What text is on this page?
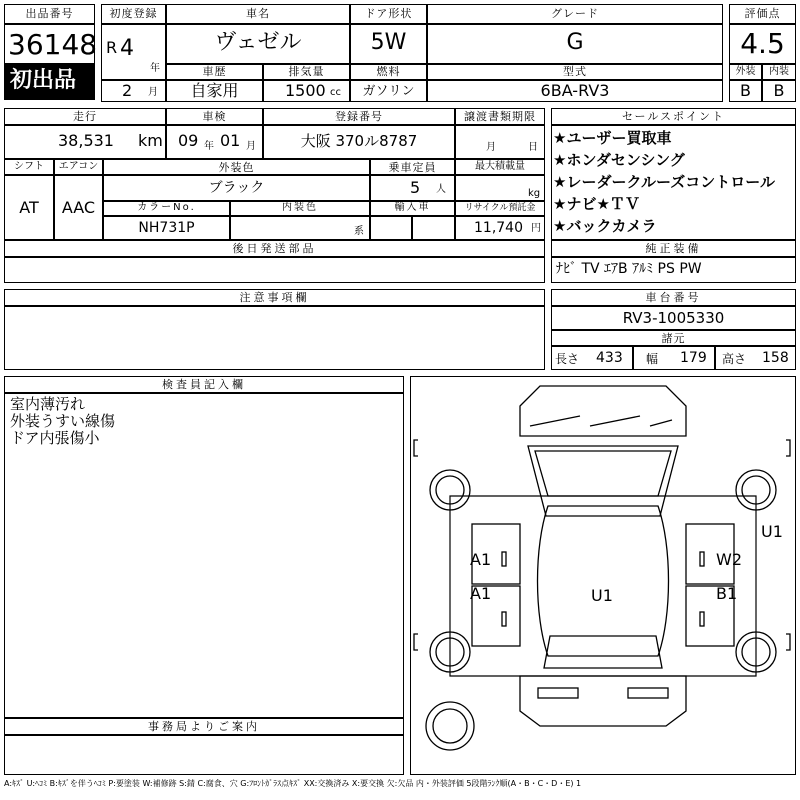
出品番号
36148
初出品
初度登録
R 4
年
2 月
車名
ヴェゼル
ドア形状
5W
グレード
G
車歴
自家用
排気量
1500 cc
燃料
ガソリン
型式
6BA-RV3
評価点
4.5
外装	内装
B	B
走行
38,531 km
車検
09 年 01 月
登録番号
大阪 370ル8787
譲渡書類期限
月	日
シフト
AT
エアコン
AAC
外装色
ブラック
乗車定員
5 人
最大積載量
kg
カラーNo.
NH731P
内装色
系
輸入車	リサイクル預託金
11,740 円
後日発送部品
セールスポイント
★ユーザー買取車
★ホンダセンシング
★レーダークルーズコントロール
★ナビ★ＴＶ
★バックカメラ
純正装備
ﾅﾋﾞ TV ｴｱB ｱﾙﾐ PS PW
注意事項欄	車台番号
RV3-1005330
諸元
長さ 433 幅 179 高さ 158
検査員記入欄
室内薄汚れ
外装うすい線傷
ドア内張傷小
事務局よりご案内
A1
A1	U1
W2
B1
U1
A:ｷｽﾞ U:ﾍｺﾐ B:ｷｽﾞを伴うﾍｺﾐ P:要塗装 W:補修跡 S:錆 C:腐食、穴 G:ﾌﾛﾝﾄｶﾞﾗｽ点ｷｽﾞ XX:交換済み X:要交換 欠:欠品 内・外装評価 5段階ﾗﾝｸ順(A・B・C・D・E) 1
